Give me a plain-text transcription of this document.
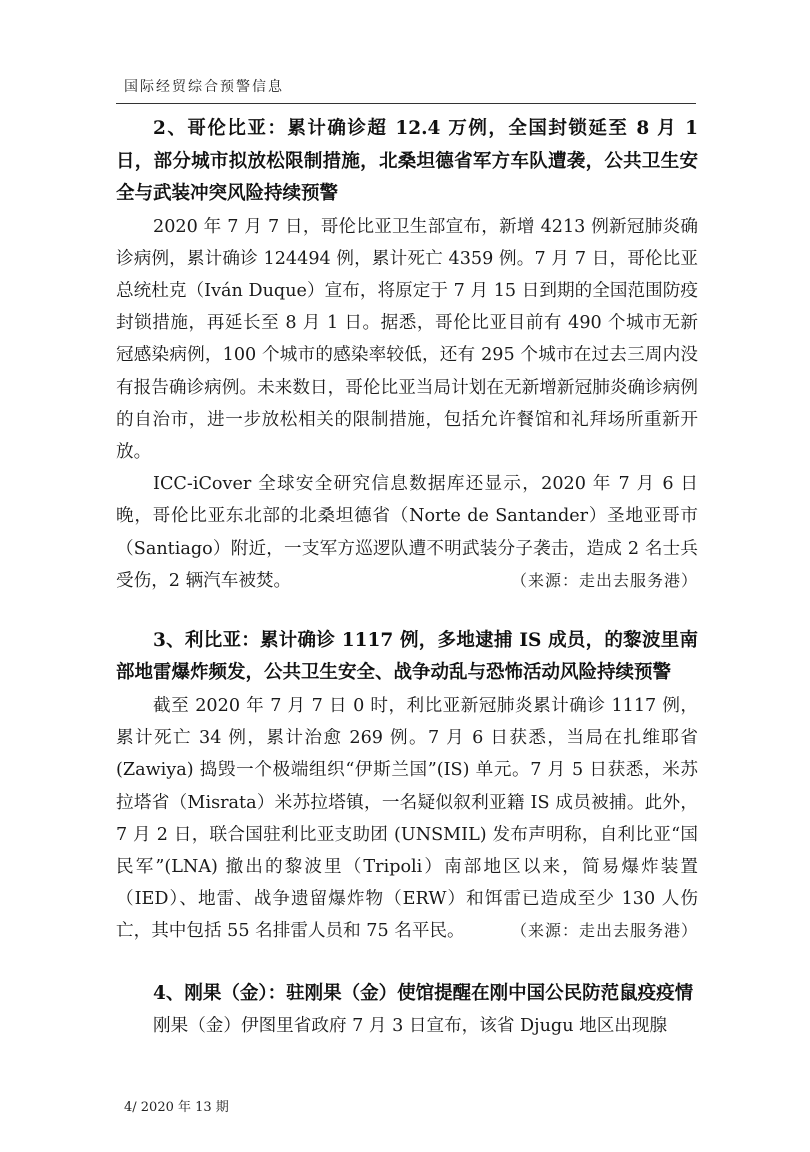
国际经贸综合预警信息

2、哥伦比亚：累计确诊超 12.4 万例，全国封锁延至 8 月 1 日，部分城市拟放松限制措施，北桑坦德省军方车队遭袭，公共卫生安全与武装冲突风险持续预警

2020 年 7 月 7 日，哥伦比亚卫生部宣布，新增 4213 例新冠肺炎确诊病例，累计确诊 124494 例，累计死亡 4359 例。7 月 7 日，哥伦比亚总统杜克（Iván Duque）宣布，将原定于 7 月 15 日到期的全国范围防疫封锁措施，再延长至 8 月 1 日。据悉，哥伦比亚目前有 490 个城市无新冠感染病例，100 个城市的感染率较低，还有 295 个城市在过去三周内没有报告确诊病例。未来数日，哥伦比亚当局计划在无新增新冠肺炎确诊病例的自治市，进一步放松相关的限制措施，包括允许餐馆和礼拜场所重新开放。

ICC-iCover 全球安全研究信息数据库还显示，2020 年 7 月 6 日晚，哥伦比亚东北部的北桑坦德省（Norte de Santander）圣地亚哥市（Santiago）附近，一支军方巡逻队遭不明武装分子袭击，造成 2 名士兵受伤，2 辆汽车被焚。	（来源：走出去服务港）

3、利比亚：累计确诊 1117 例，多地逮捕 IS 成员，的黎波里南部地雷爆炸频发，公共卫生安全、战争动乱与恐怖活动风险持续预警

截至 2020 年 7 月 7 日 0 时，利比亚新冠肺炎累计确诊 1117 例，累计死亡 34 例，累计治愈 269 例。7 月 6 日获悉，当局在扎维耶省 (Zawiya) 捣毁一个极端组织“伊斯兰国”(IS) 单元。7 月 5 日获悉，米苏拉塔省（Misrata）米苏拉塔镇，一名疑似叙利亚籍 IS 成员被捕。此外，7 月 2 日，联合国驻利比亚支助团 (UNSMIL) 发布声明称，自利比亚“国民军”(LNA) 撤出的黎波里（Tripoli）南部地区以来，简易爆炸装置（IED）、地雷、战争遗留爆炸物（ERW）和饵雷已造成至少 130 人伤亡，其中包括 55 名排雷人员和 75 名平民。	（来源：走出去服务港）

4、刚果（金）：驻刚果（金）使馆提醒在刚中国公民防范鼠疫疫情

刚果（金）伊图里省政府 7 月 3 日宣布，该省 Djugu 地区出现腺

4/ 2020 年 13 期
